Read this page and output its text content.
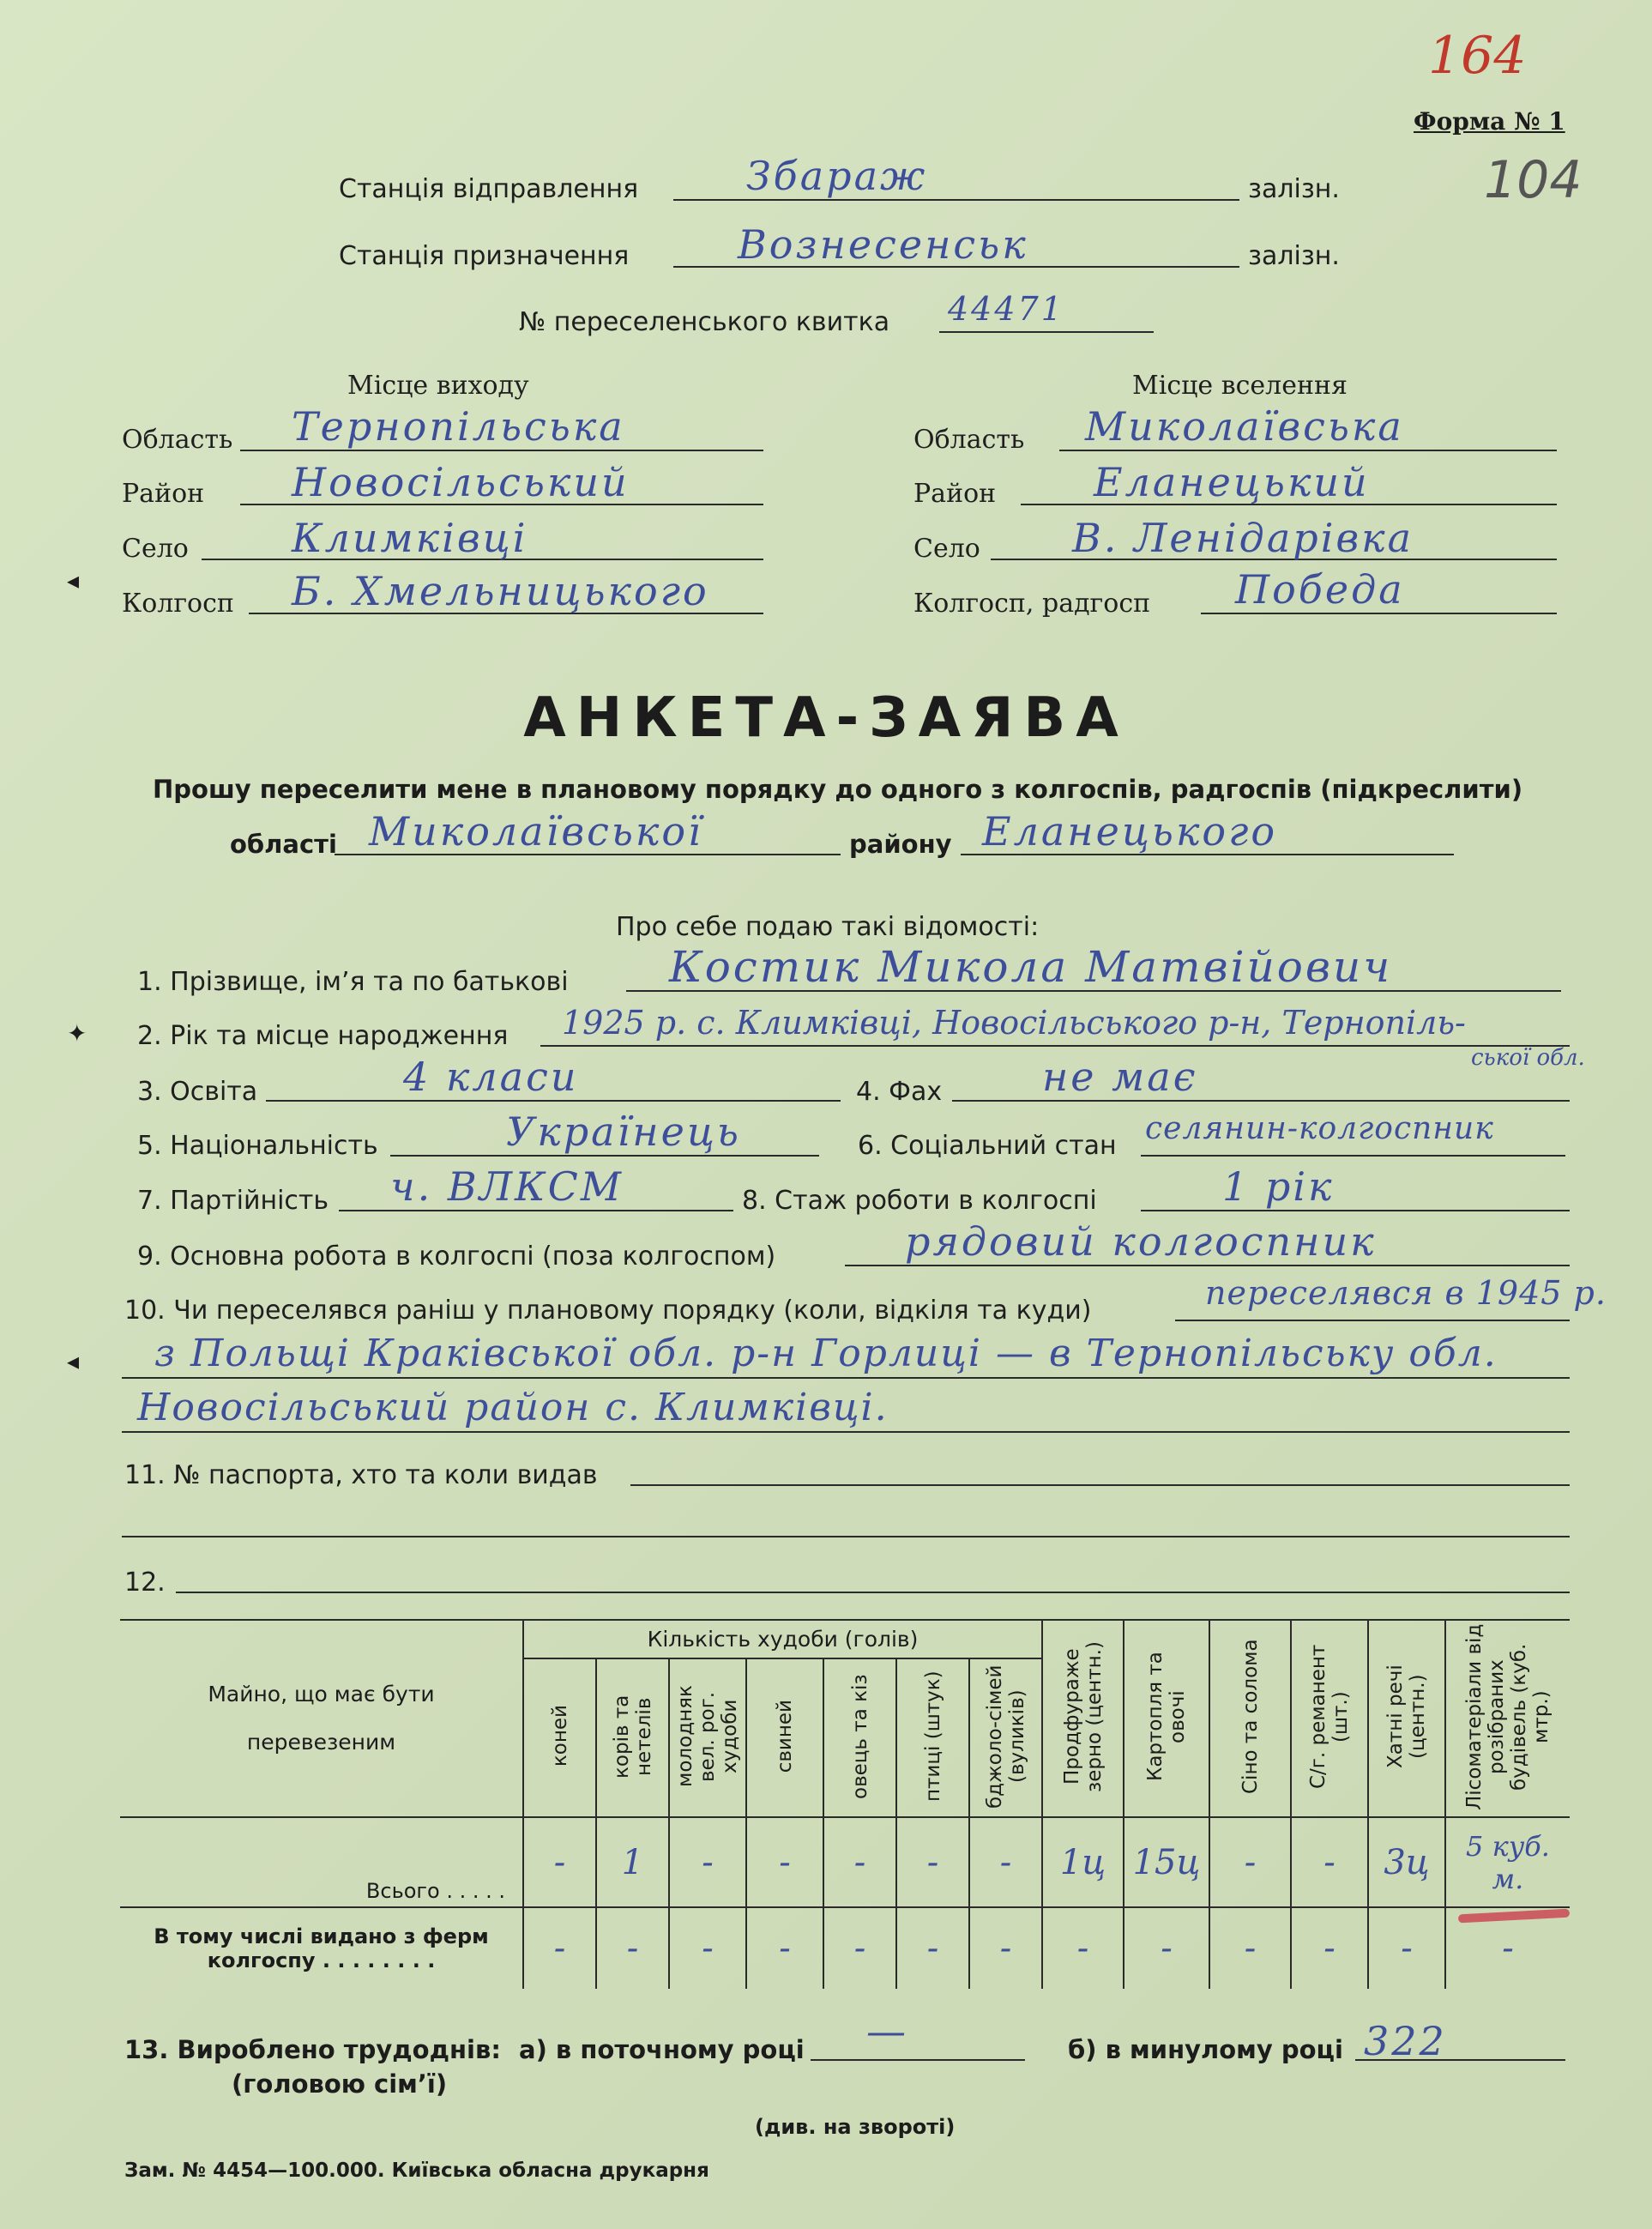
164
104
Форма № 1
Станція відправлення	Збараж	залізн.
Станція призначення	Вознесенськ	залізн.
№ переселенського квитка 44471
Місце виходу	Місце вселення
Область Тернопільська
Район Новосільський
Село	Климківці
Колгосп Б. Хмельницького
Область Миколаївська
Район Еланецький
Село В. Лeнідарівка
Колгосп, радгосп Победа
АНКЕТА-ЗАЯВА
Прошу переселити мене в плановому порядку до одного з колгоспів, радгоспів (підкреслити)
області Миколаївської	району Еланецького
Про себе подаю такі відомості:
1. Прізвище, ім’я та по батькові Костик Микола Матвійович
2. Рік та місце народження 1925 р. с. Климківці, Новосільського р-н, Тернопіль-
ської обл.
3. Освіта	4 класи	4. Фах	не має
5. Національність	Українець	6. Соціальний стан селянин-колгоспник
7. Партійність ч. ВЛКСМ	8. Стаж роботи в колгоспі	1 рік
9. Основна робота в колгоспі (поза колгоспом)	рядовий колгоспник
10. Чи переселявся раніш у плановому порядку (коли, відкіля та куди)	переселявся в 1945 р.
з Польщі Краківської обл. р-н Горлиці — в Тернопільську обл.
Новосільський район с. Климківці.
11. № паспорта, хто та коли видав
12.
Майно, що має бути перевезеним	Кількість худоби (голів)							Продфураже зерно (центн.)	Картопля та овочі	Сіно та солома	С/г. реманент (шт.)	Хатні речі (центн.)	Лісоматеріали від розібраних будівель (куб. мтр.)
	коней	корів та нетелів	молодняк вел. рог. худоби	свиней	овець та кіз	птиці (штук)	бджоло-сімей (вуликів)						
Всього . . . . .	-	1	-	-	-	-	-	1ц	15ц	-	-	3ц	5 куб. м.
В тому числі видано з ферм колгоспу . . . . . . . .	-	-	-	-	-	-	-	-	-	-	-	-	-
13. Вироблено трудоднів:
(головою сім’ї)
а) в поточному році —	б) в минулому році 322
(див. на звороті)
Зам. № 4454—100.000. Київська обласна друкарня
◂
✦
◂
